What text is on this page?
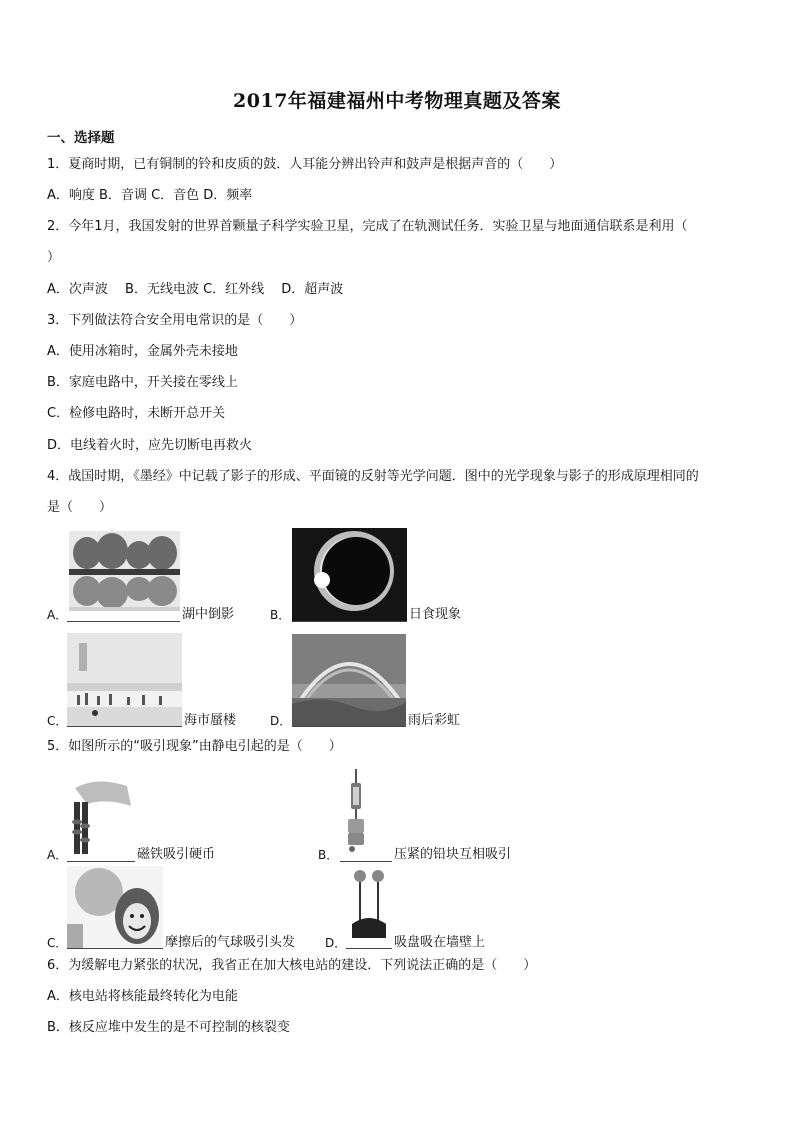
2017年福建福州中考物理真题及答案
一、选择题
1．夏商时期，已有铜制的铃和皮质的鼓．人耳能分辨出铃声和鼓声是根据声音的（　　）
A．响度 B．音调 C．音色 D．频率
2．今年1月，我国发射的世界首颗量子科学实验卫星，完成了在轨测试任务．实验卫星与地面通信联系是利用（
）
A．次声波　 B．无线电波 C．红外线　 D．超声波
3．下列做法符合安全用电常识的是（　　）
A．使用冰箱时，金属外壳未接地
B．家庭电路中，开关接在零线上
C．检修电路时，未断开总开关
D．电线着火时，应先切断电再救火
4．战国时期，《墨经》中记载了影子的形成、平面镜的反射等光学问题．图中的光学现象与影子的形成原理相同的
是（　　）
A．	湖中倒影	B．	日食现象
C．	海市蜃楼	D．	雨后彩虹
5．如图所示的“吸引现象”由静电引起的是（　　）
A．	磁铁吸引硬币	B．	压紧的铅块互相吸引
C．	摩擦后的气球吸引头发 D．	吸盘吸在墙壁上
6．为缓解电力紧张的状况，我省正在加大核电站的建设．下列说法正确的是（　　）
A．核电站将核能最终转化为电能
B．核反应堆中发生的是不可控制的核裂变
